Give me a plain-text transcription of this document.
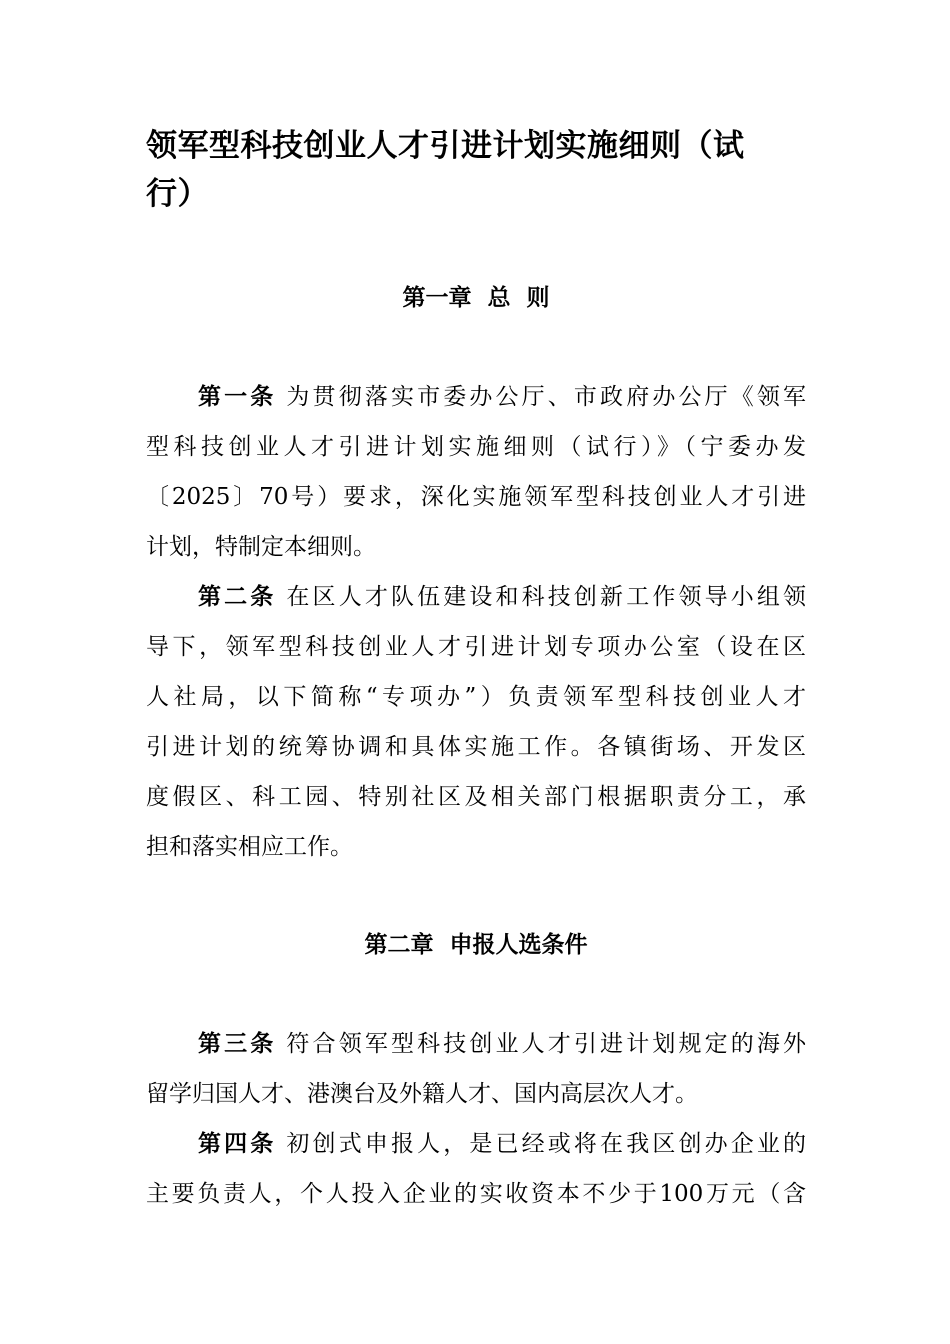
领军型科技创业人才引进计划实施细则（试
行）
第一章  总  则
第一条 为贯彻落实市委办公厅、市政府办公厅《领军
型科技创业人才引进计划实施细则（试行）》（宁委办发
〔2025〕70号）要求，深化实施领军型科技创业人才引进
计划，特制定本细则。
第二条 在区人才队伍建设和科技创新工作领导小组领
导下，领军型科技创业人才引进计划专项办公室（设在区
人社局，以下简称“专项办”）负责领军型科技创业人才
引进计划的统筹协调和具体实施工作。各镇街场、开发区
度假区、科工园、特别社区及相关部门根据职责分工，承
担和落实相应工作。
第二章  申报人选条件
第三条 符合领军型科技创业人才引进计划规定的海外
留学归国人才、港澳台及外籍人才、国内高层次人才。
第四条 初创式申报人，是已经或将在我区创办企业的
主要负责人，个人投入企业的实收资本不少于100万元（含
